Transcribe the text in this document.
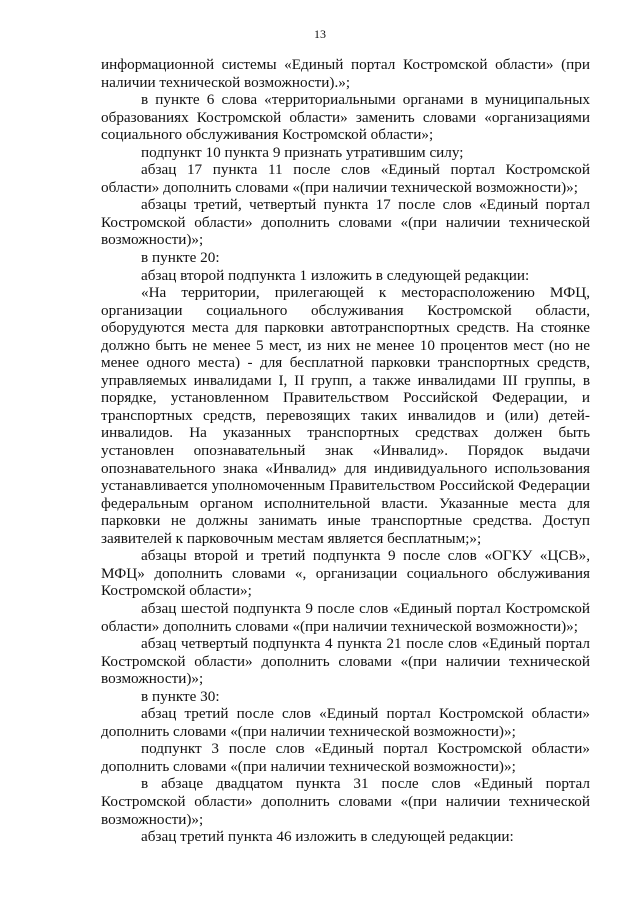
13

информационной системы «Единый портал Костромской области» (при наличии технической возможности).»;

в пункте 6 слова «территориальными органами в муниципальных образованиях Костромской области» заменить словами «организациями социального обслуживания Костромской области»;

подпункт 10 пункта 9 признать утратившим силу;

абзац 17 пункта 11 после слов «Единый портал Костромской области» дополнить словами «(при наличии технической возможности)»;

абзацы третий, четвертый пункта 17 после слов «Единый портал Костромской области» дополнить словами «(при наличии технической возможности)»;

в пункте 20:

абзац второй подпункта 1 изложить в следующей редакции:

«На территории, прилегающей к месторасположению МФЦ, организации социального обслуживания Костромской области, оборудуются места для парковки автотранспортных средств. На стоянке должно быть не менее 5 мест, из них не менее 10 процентов мест (но не менее одного места) - для бесплатной парковки транспортных средств, управляемых инвалидами I, II групп, а также инвалидами III группы, в порядке, установленном Правительством Российской Федерации, и транспортных средств, перевозящих таких инвалидов и (или) детей-инвалидов. На указанных транспортных средствах должен быть установлен опознавательный знак «Инвалид». Порядок выдачи опознавательного знака «Инвалид» для индивидуального использования устанавливается уполномоченным Правительством Российской Федерации федеральным органом исполнительной власти. Указанные места для парковки не должны занимать иные транспортные средства. Доступ заявителей к парковочным местам является бесплатным;»;

абзацы второй и третий подпункта 9 после слов «ОГКУ «ЦСВ», МФЦ» дополнить словами «, организации социального обслуживания Костромской области»;

абзац шестой подпункта 9 после слов «Единый портал Костромской области» дополнить словами «(при наличии технической возможности)»;

абзац четвертый подпункта 4 пункта 21 после слов «Единый портал Костромской области» дополнить словами «(при наличии технической возможности)»;

в пункте 30:

абзац третий после слов «Единый портал Костромской области» дополнить словами «(при наличии технической возможности)»;

подпункт 3 после слов «Единый портал Костромской области» дополнить словами «(при наличии технической возможности)»;

в абзаце двадцатом пункта 31 после слов «Единый портал Костромской области» дополнить словами «(при наличии технической возможности)»;

абзац третий пункта 46 изложить в следующей редакции:
